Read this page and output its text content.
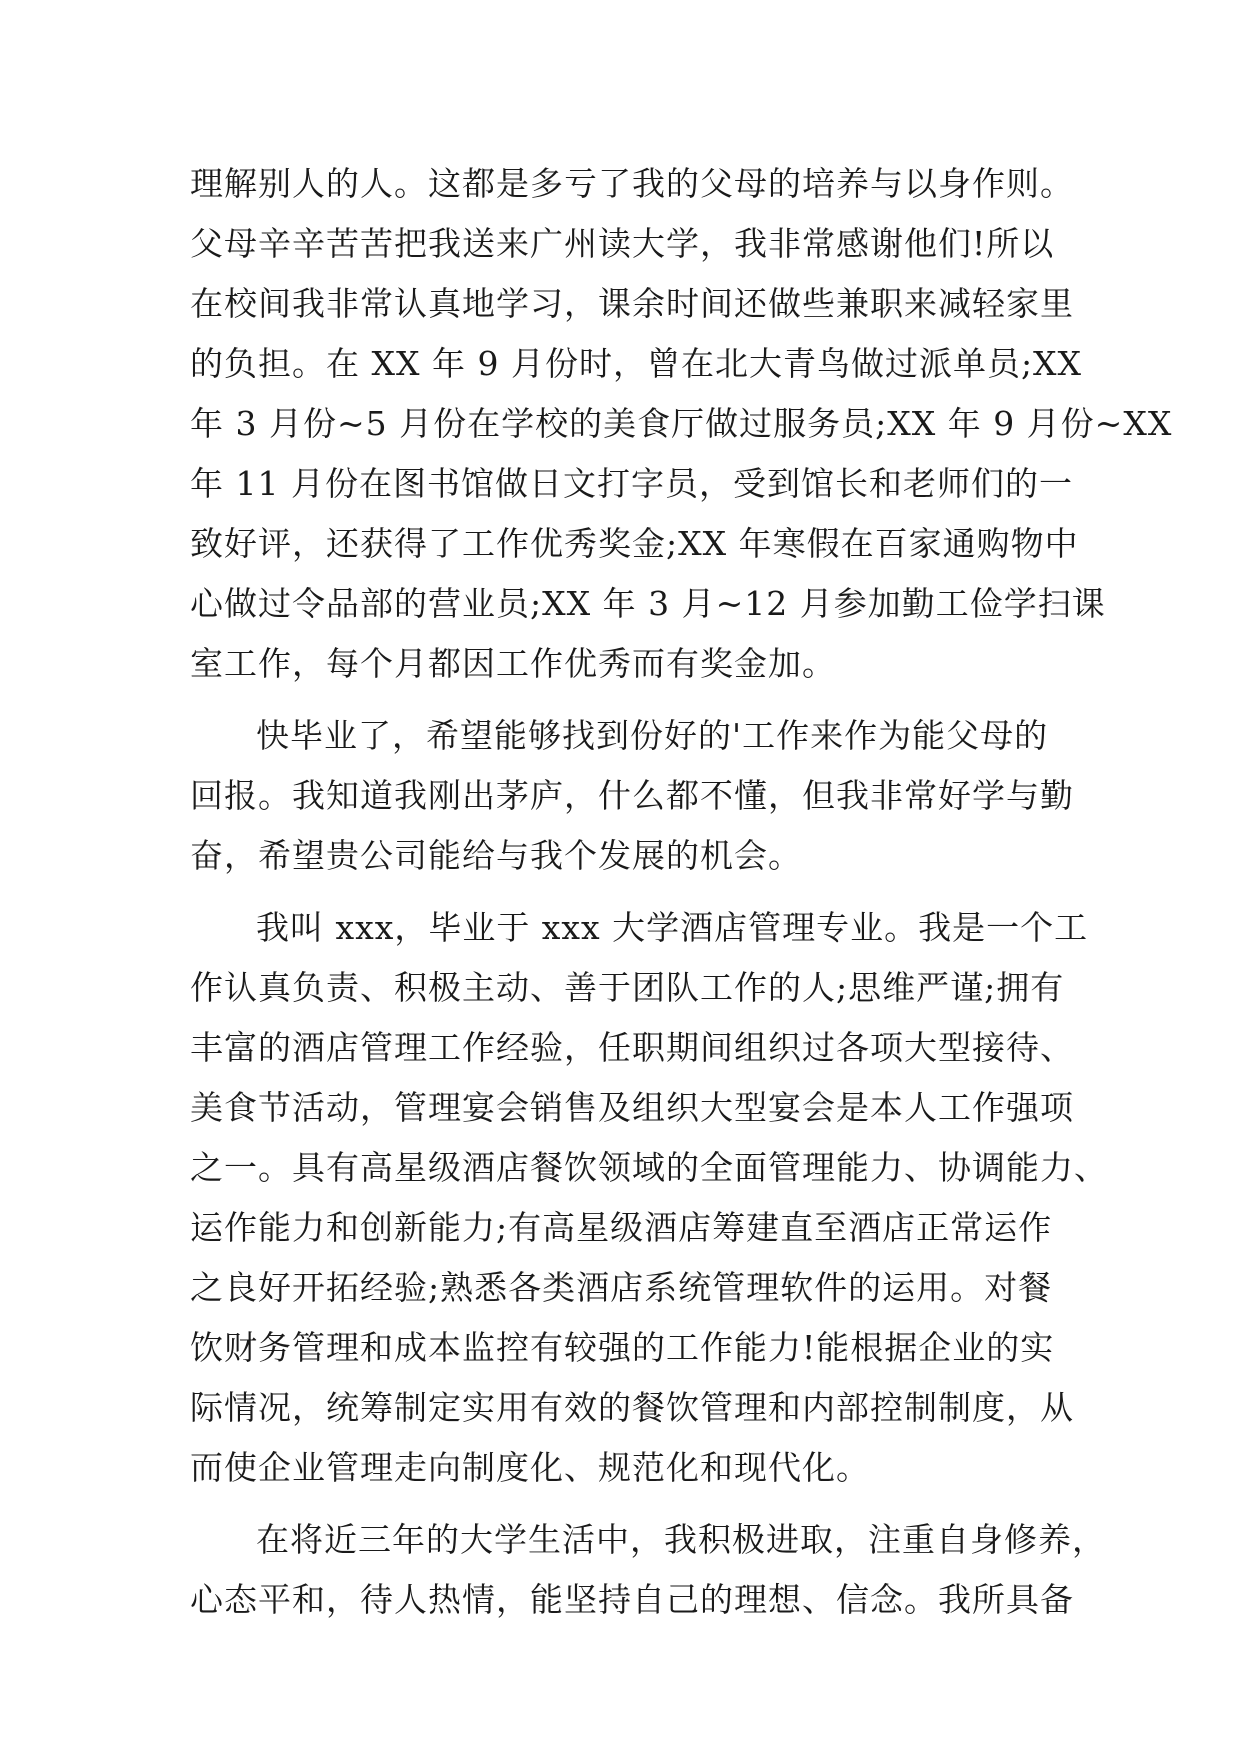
理解别人的人。这都是多亏了我的父母的培养与以身作则。
父母辛辛苦苦把我送来广州读大学，我非常感谢他们!所以
在校间我非常认真地学习，课余时间还做些兼职来减轻家里
的负担。在 XX 年 9 月份时，曾在北大青鸟做过派单员;XX
年 3 月份~5 月份在学校的美食厅做过服务员;XX 年 9 月份~XX
年 11 月份在图书馆做日文打字员，受到馆长和老师们的一
致好评，还获得了工作优秀奖金;XX 年寒假在百家通购物中
心做过令品部的营业员;XX 年 3 月~12 月参加勤工俭学扫课
室工作，每个月都因工作优秀而有奖金加。
快毕业了，希望能够找到份好的'工作来作为能父母的
回报。我知道我刚出茅庐，什么都不懂，但我非常好学与勤
奋，希望贵公司能给与我个发展的机会。
我叫 xxx，毕业于 xxx 大学酒店管理专业。我是一个工
作认真负责、积极主动、善于团队工作的人;思维严谨;拥有
丰富的酒店管理工作经验，任职期间组织过各项大型接待、
美食节活动，管理宴会销售及组织大型宴会是本人工作强项
之一。具有高星级酒店餐饮领域的全面管理能力、协调能力、
运作能力和创新能力;有高星级酒店筹建直至酒店正常运作
之良好开拓经验;熟悉各类酒店系统管理软件的运用。对餐
饮财务管理和成本监控有较强的工作能力!能根据企业的实
际情况，统筹制定实用有效的餐饮管理和内部控制制度，从
而使企业管理走向制度化、规范化和现代化。
在将近三年的大学生活中，我积极进取，注重自身修养，
心态平和，待人热情，能坚持自己的理想、信念。我所具备
